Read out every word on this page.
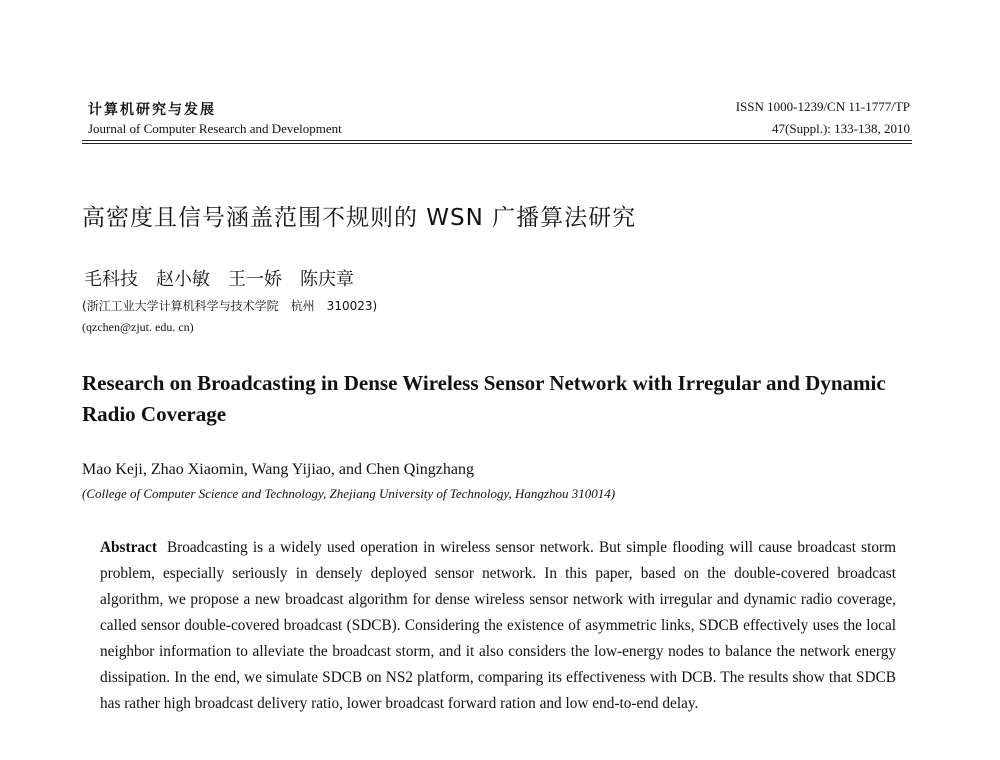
计算机研究与发展
Journal of Computer Research and Development
ISSN 1000-1239/CN 11-1777/TP
47(Suppl.): 133-138, 2010
高密度且信号涵盖范围不规则的 WSN 广播算法研究
毛科技　赵小敏　王一娇　陈庆章
(浙江工业大学计算机科学与技术学院　杭州　310023)
(qzchen@zjut. edu. cn)
Research on Broadcasting in Dense Wireless Sensor Network with Irregular and Dynamic Radio Coverage
Mao Keji, Zhao Xiaomin, Wang Yijiao, and Chen Qingzhang
(College of Computer Science and Technology, Zhejiang University of Technology, Hangzhou 310014)
Abstract Broadcasting is a widely used operation in wireless sensor network. But simple flooding will cause broadcast storm problem, especially seriously in densely deployed sensor network. In this paper, based on the double-covered broadcast algorithm, we propose a new broadcast algorithm for dense wireless sensor network with irregular and dynamic radio coverage, called sensor double-covered broadcast (SDCB). Considering the existence of asymmetric links, SDCB effectively uses the local neighbor information to alleviate the broadcast storm, and it also considers the low-energy nodes to balance the network energy dissipation. In the end, we simulate SDCB on NS2 platform, comparing its effectiveness with DCB. The results show that SDCB has rather high broadcast delivery ratio, lower broadcast forward ration and low end-to-end delay.
